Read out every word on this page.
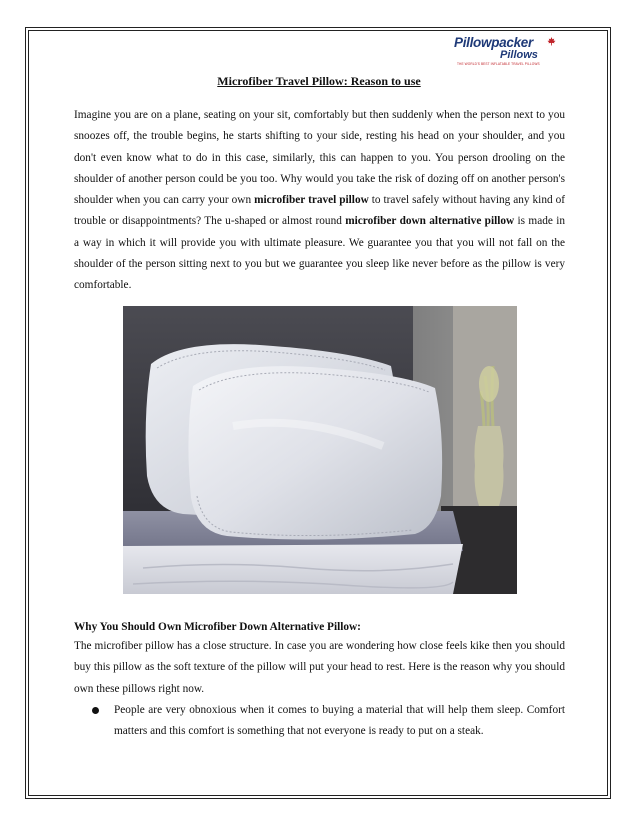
Pillowpacker
Pillows
THE WORLD'S BEST INFLATABLE TRAVEL PILLOWS
Microfiber Travel Pillow: Reason to use

Imagine you are on a plane, seating on your sit, comfortably but then suddenly when the person next to you snoozes off, the trouble begins, he starts shifting to your side, resting his head on your shoulder, and you don't even know what to do in this case, similarly, this can happen to you. You person drooling on the shoulder of another person could be you too. Why would you take the risk of dozing off on another person's shoulder when you can carry your own microfiber travel pillow to travel safely without having any kind of trouble or disappointments? The u-shaped or almost round microfiber down alternative pillow is made in a way in which it will provide you with ultimate pleasure. We guarantee you that you will not fall on the shoulder of the person sitting next to you but we guarantee you sleep like never before as the pillow is very comfortable.

Why You Should Own Microfiber Down Alternative Pillow:

The microfiber pillow has a close structure. In case you are wondering how close feels kike then you should buy this pillow as the soft texture of the pillow will put your head to rest. Here is the reason why you should own these pillows right now.

People are very obnoxious when it comes to buying a material that will help them sleep. Comfort matters and this comfort is something that not everyone is ready to put on a steak.
